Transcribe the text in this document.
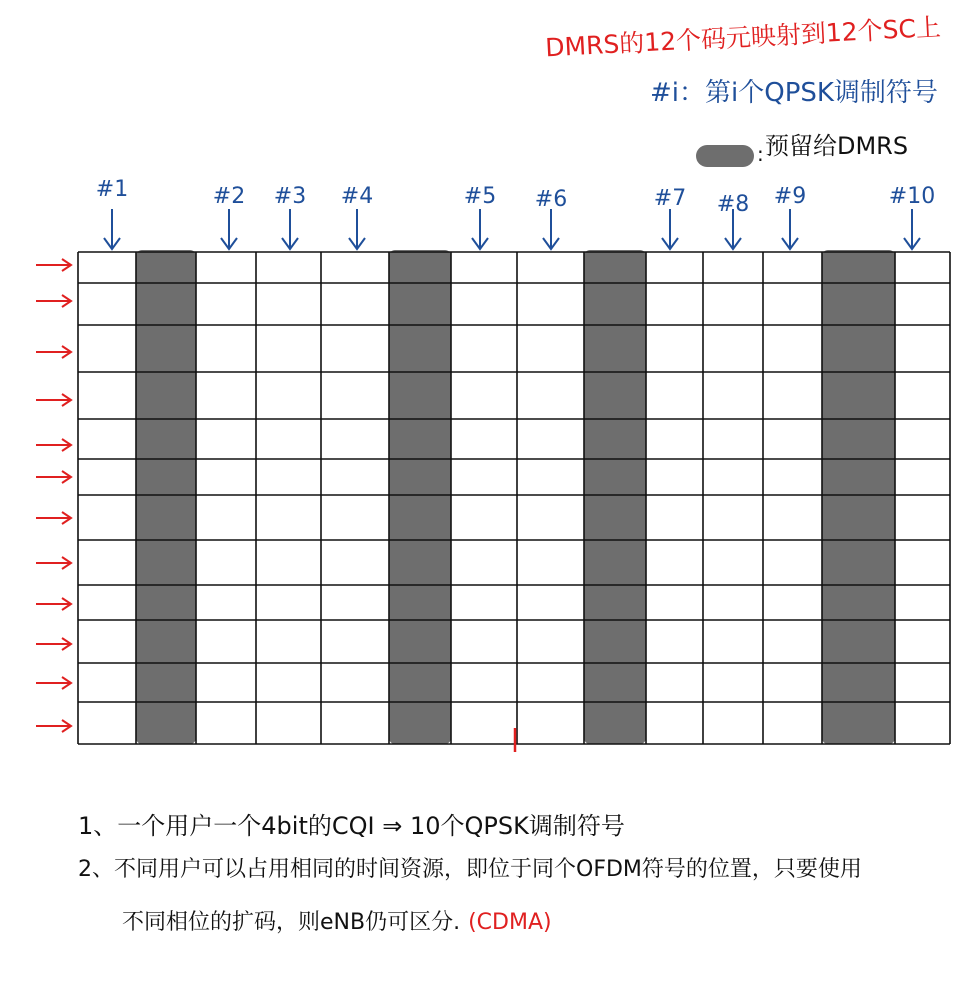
DMRS的12个码元映射到12个SC上
#i：第i个QPSK调制符号
: 预留给DMRS
#1	#2 #3 #4	#5 #6	#7 #8 #9	#10
1、一个用户一个4bit的CQI ⇒ 10个QPSK调制符号
2、不同用户可以占用相同的时间资源，即位于同个OFDM符号的位置，只要使用
不同相位的扩码，则eNB仍可区分. (CDMA)
